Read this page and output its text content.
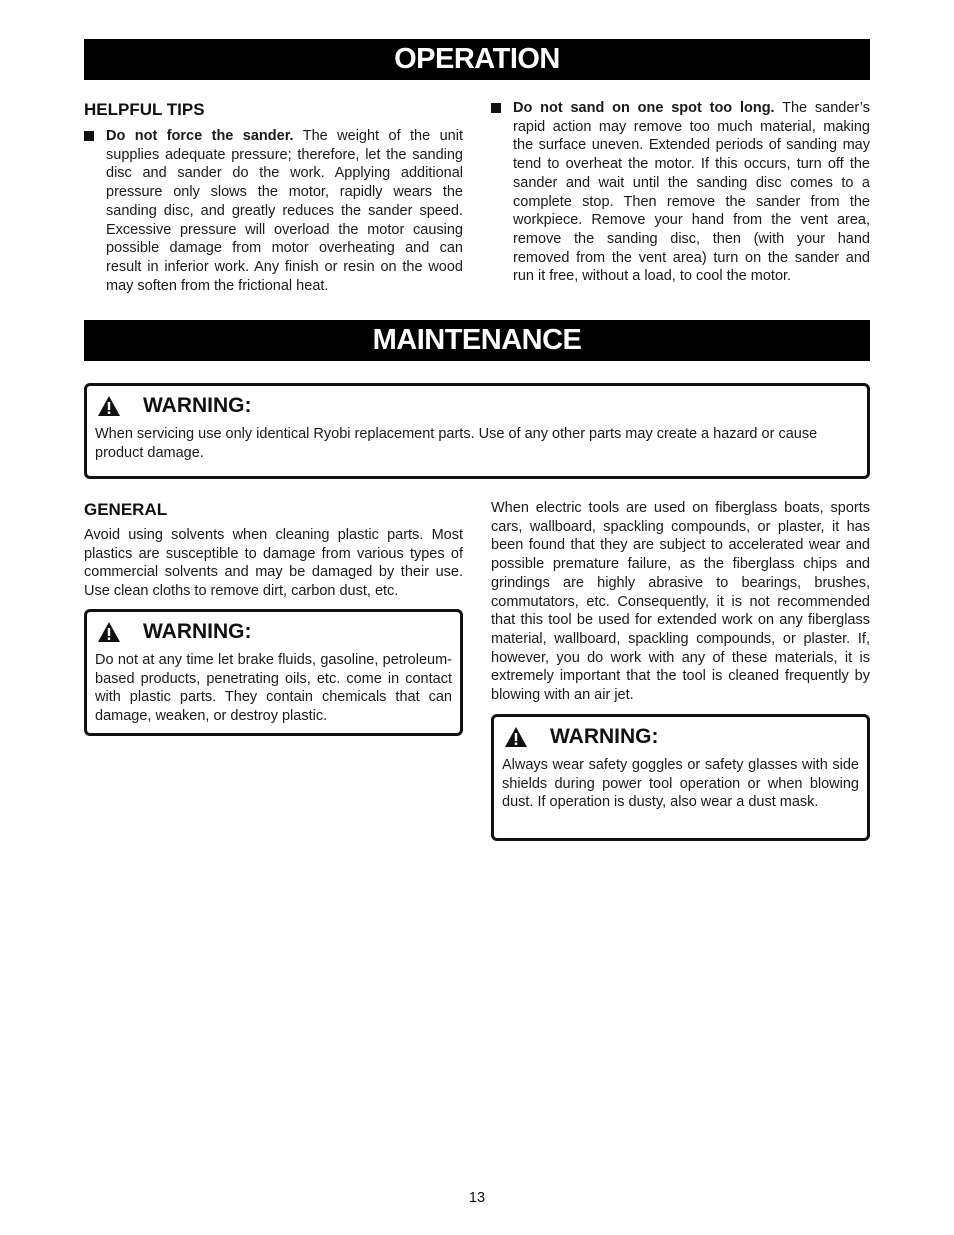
OPERATION
HELPFUL TIPS
Do not force the sander. The weight of the unit supplies adequate pressure; therefore, let the sanding disc and sander do the work. Applying additional pressure only slows the motor, rapidly wears the sanding disc, and greatly reduces the sander speed. Excessive pressure will overload the motor causing possible damage from motor overheating and can result in inferior work. Any finish or resin on the wood may soften from the frictional heat.
Do not sand on one spot too long. The sander’s rapid action may remove too much material, making the surface uneven. Extended periods of sanding may tend to overheat the motor. If this occurs, turn off the sander and wait until the sanding disc comes to a complete stop. Then remove the sander from the workpiece. Remove your hand from the vent area, remove the sanding disc, then (with your hand removed from the vent area) turn on the sander and run it free, without a load, to cool the motor.
MAINTENANCE
WARNING:
When servicing use only identical Ryobi replacement parts. Use of any other parts may create a hazard or cause product damage.
GENERAL
Avoid using solvents when cleaning plastic parts. Most plastics are susceptible to damage from various types of commercial solvents and may be damaged by their use. Use clean cloths to remove dirt, carbon dust, etc.
WARNING:
Do not at any time let brake fluids, gasoline, petroleum-based products, penetrating oils, etc. come in contact with plastic parts. They contain chemicals that can damage, weaken, or destroy plastic.
When electric tools are used on fiberglass boats, sports cars, wallboard, spackling compounds, or plaster, it has been found that they are subject to accelerated wear and possible premature failure, as the fiberglass chips and grindings are highly abrasive to bearings, brushes, commutators, etc. Consequently, it is not recommended that this tool be used for extended work on any fiberglass material, wallboard, spackling compounds, or plaster. If, however, you do work with any of these materials, it is extremely important that the tool is cleaned frequently by blowing with an air jet.
WARNING:
Always wear safety goggles or safety glasses with side shields during power tool operation or when blowing dust. If operation is dusty, also wear a dust mask.
13
